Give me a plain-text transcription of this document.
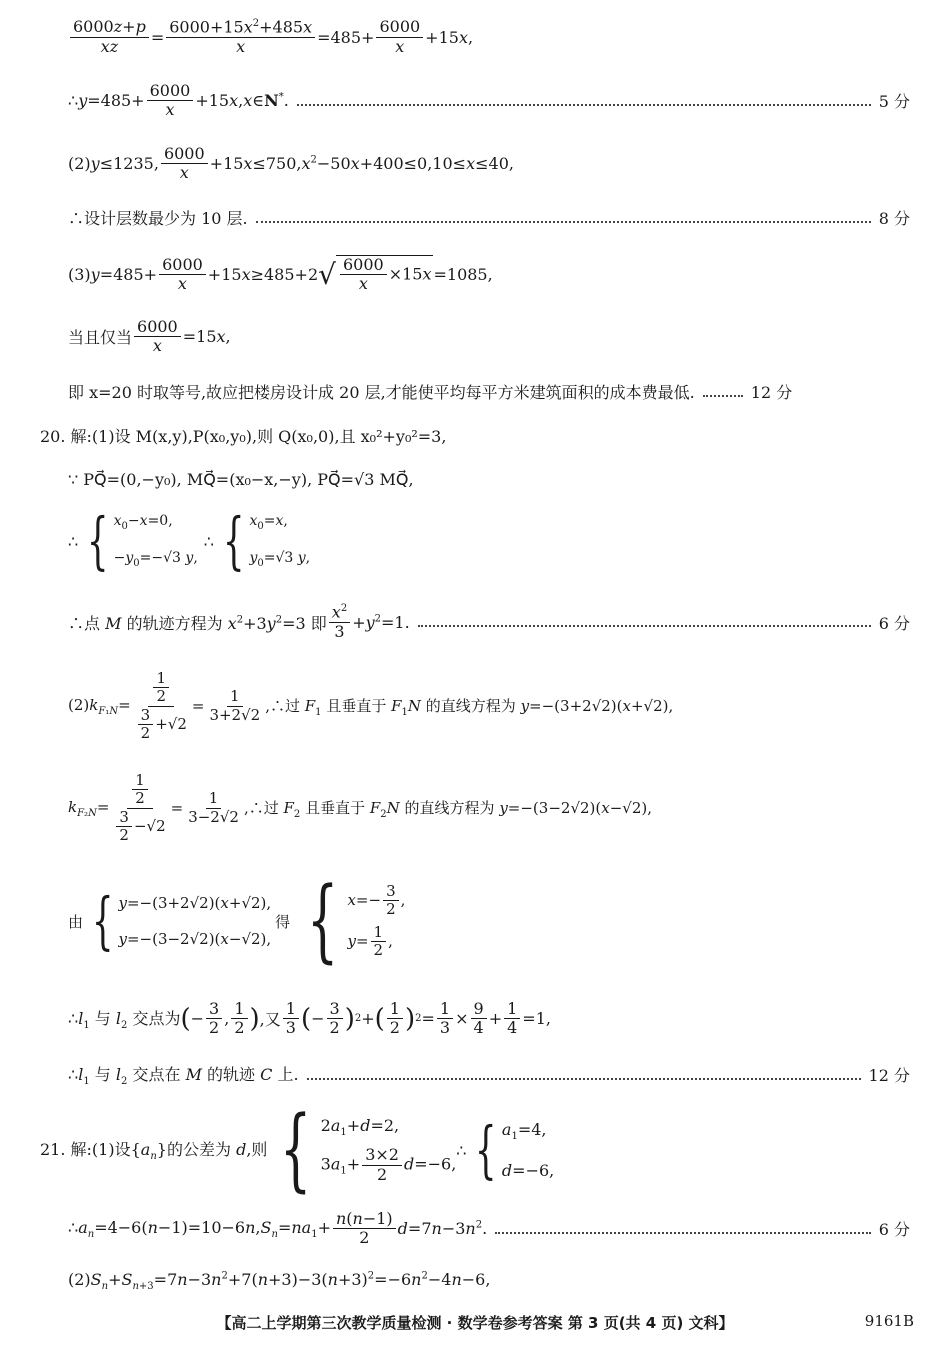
$\frac{6000z+p}{xz} = \frac{6000+15x^2+485x}{x} =485+ \frac{6000}{x} +15$ x ,
∴y=485+ $\frac{6000}{x}$ +15x,x∈N*.	5 分
(2)y≤1235, $\frac{6000}{x} +15x\le 750,x^2-50x+400\le 0,10\le x\le 40$,
∴设计层数最少为 10 层.	8 分
$(3)y=485+ \frac{6000}{x} +15x\ge 485+2$ √ $\frac{6000}{x} \times 15x =1085$,
当且仅当 $\frac{6000}{x} =15x$,
即 x=20 时取等号,故应把楼房设计成 20 层,才能使平均每平方米建筑面积的成本费最低.	12 分
20. 解:(1)设 M(x,y),P(x₀,y₀),则 Q(x₀,0),且 x₀²+y₀²=3,
∵ PQ⃗=(0,−y₀), MQ⃗=(x₀−x,−y), PQ⃗=√3 MQ⃗,
∴ { $x_0-x=0$,
$-y_0=-√3$ y,
∴ { $x_0=x$,
$y_0=√3$ y,
∴点 M 的轨迹方程为 $x^2+3y^2=3$ 即 $\frac{x^2}{3} +y^2=1$.	6 分
$(2)k_{F_1N}= \frac{\frac{1}{2}}{\frac{3}{2} +√2} = \frac{1}{3+2√2}$ ,∴过 $F_1$ 且垂直于 $F_1N$ 的直线方程为 y=−(3+2√2)(x+√2),
$k_{F_2N}= \frac{\frac{1}{2}}{\frac{3}{2} -√2} = \frac{1}{3-2√2}$ ,∴过 $F_2$ 且垂直于 $F_2N$ 的直线方程为 y=−(3−2√2)(x−√2),
由 { y=−(3+2√2)(x+√2),
y=−(3−2√2)(x−√2),
得 { $x=- \frac{3}{2}$ ,
$y= \frac{1}{2}$ ,
$\therefore l_1$ 与 $l_2$ 交点为 ( − $\frac{3}{2}$ , $\frac{1}{2}$ ) ,又 $\frac{1}{3}$ ( − $\frac{3}{2}$ ) 2 + ( $\frac{1}{2}$ ) $2 = \frac{1}{3} \times \frac{9}{4} + \frac{1}{4} =1$,
$\therefore l_1$ 与 $l_2$ 交点在 M 的轨迹 C 上.	12 分
21. 解:(1)设$\{a_n\}$的公差为 d,则 { $2a_1+d=2$,
$3a_1+ \frac{3\times 2}{2} d=-6$,
∴ { $a_1=4$,
d=−6,
$\therefore a_n=4-6(n-1)=10-6n,S_n=na_1+ \frac{n(n-1)}{2} d=7n-3n^2$.	6 分
$(2)S_n+S_{n+3}=7n-3n^2+7(n+3)-3(n+3)^2=-6n^2-4n-6$,
【高二上学期第三次教学质量检测 · 数学卷参考答案 第 3 页(共 4 页) 文科】	9161B
